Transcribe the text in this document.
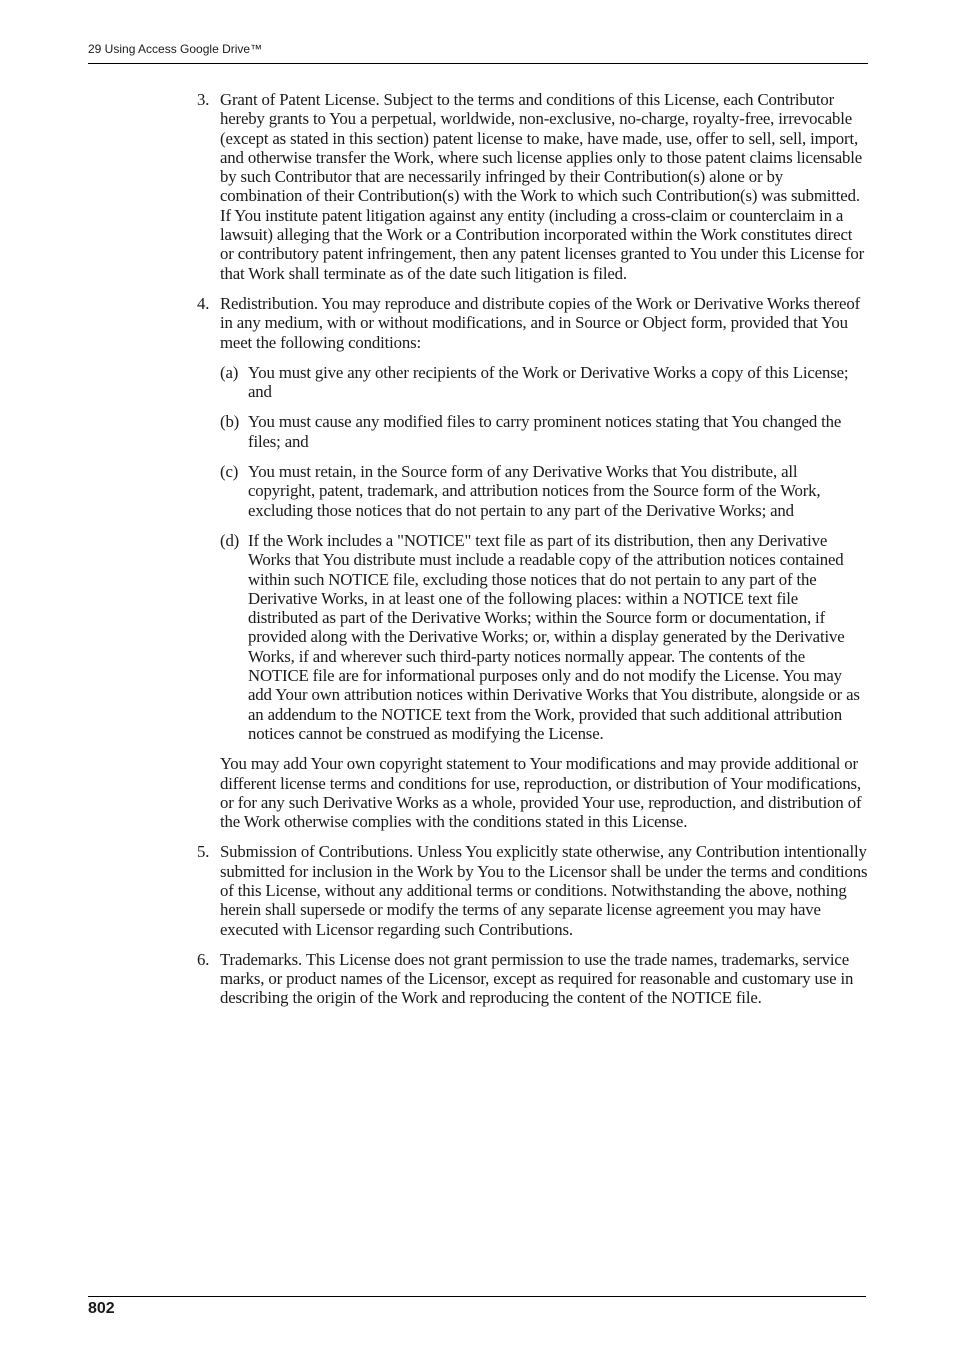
29 Using Access Google Drive™
3. Grant of Patent License. Subject to the terms and conditions of this License, each Contributor hereby grants to You a perpetual, worldwide, non-exclusive, no-charge, royalty-free, irrevocable (except as stated in this section) patent license to make, have made, use, offer to sell, sell, import, and otherwise transfer the Work, where such license applies only to those patent claims licensable by such Contributor that are necessarily infringed by their Contribution(s) alone or by combination of their Contribution(s) with the Work to which such Contribution(s) was submitted. If You institute patent litigation against any entity (including a cross-claim or counterclaim in a lawsuit) alleging that the Work or a Contribution incorporated within the Work constitutes direct or contributory patent infringement, then any patent licenses granted to You under this License for that Work shall terminate as of the date such litigation is filed.
4. Redistribution. You may reproduce and distribute copies of the Work or Derivative Works thereof in any medium, with or without modifications, and in Source or Object form, provided that You meet the following conditions:
(a) You must give any other recipients of the Work or Derivative Works a copy of this License; and
(b) You must cause any modified files to carry prominent notices stating that You changed the files; and
(c) You must retain, in the Source form of any Derivative Works that You distribute, all copyright, patent, trademark, and attribution notices from the Source form of the Work, excluding those notices that do not pertain to any part of the Derivative Works; and
(d) If the Work includes a "NOTICE" text file as part of its distribution, then any Derivative Works that You distribute must include a readable copy of the attribution notices contained within such NOTICE file, excluding those notices that do not pertain to any part of the Derivative Works, in at least one of the following places: within a NOTICE text file distributed as part of the Derivative Works; within the Source form or documentation, if provided along with the Derivative Works; or, within a display generated by the Derivative Works, if and wherever such third-party notices normally appear. The contents of the NOTICE file are for informational purposes only and do not modify the License. You may add Your own attribution notices within Derivative Works that You distribute, alongside or as an addendum to the NOTICE text from the Work, provided that such additional attribution notices cannot be construed as modifying the License.
You may add Your own copyright statement to Your modifications and may provide additional or different license terms and conditions for use, reproduction, or distribution of Your modifications, or for any such Derivative Works as a whole, provided Your use, reproduction, and distribution of the Work otherwise complies with the conditions stated in this License.
5. Submission of Contributions. Unless You explicitly state otherwise, any Contribution intentionally submitted for inclusion in the Work by You to the Licensor shall be under the terms and conditions of this License, without any additional terms or conditions. Notwithstanding the above, nothing herein shall supersede or modify the terms of any separate license agreement you may have executed with Licensor regarding such Contributions.
6. Trademarks. This License does not grant permission to use the trade names, trademarks, service marks, or product names of the Licensor, except as required for reasonable and customary use in describing the origin of the Work and reproducing the content of the NOTICE file.
802
